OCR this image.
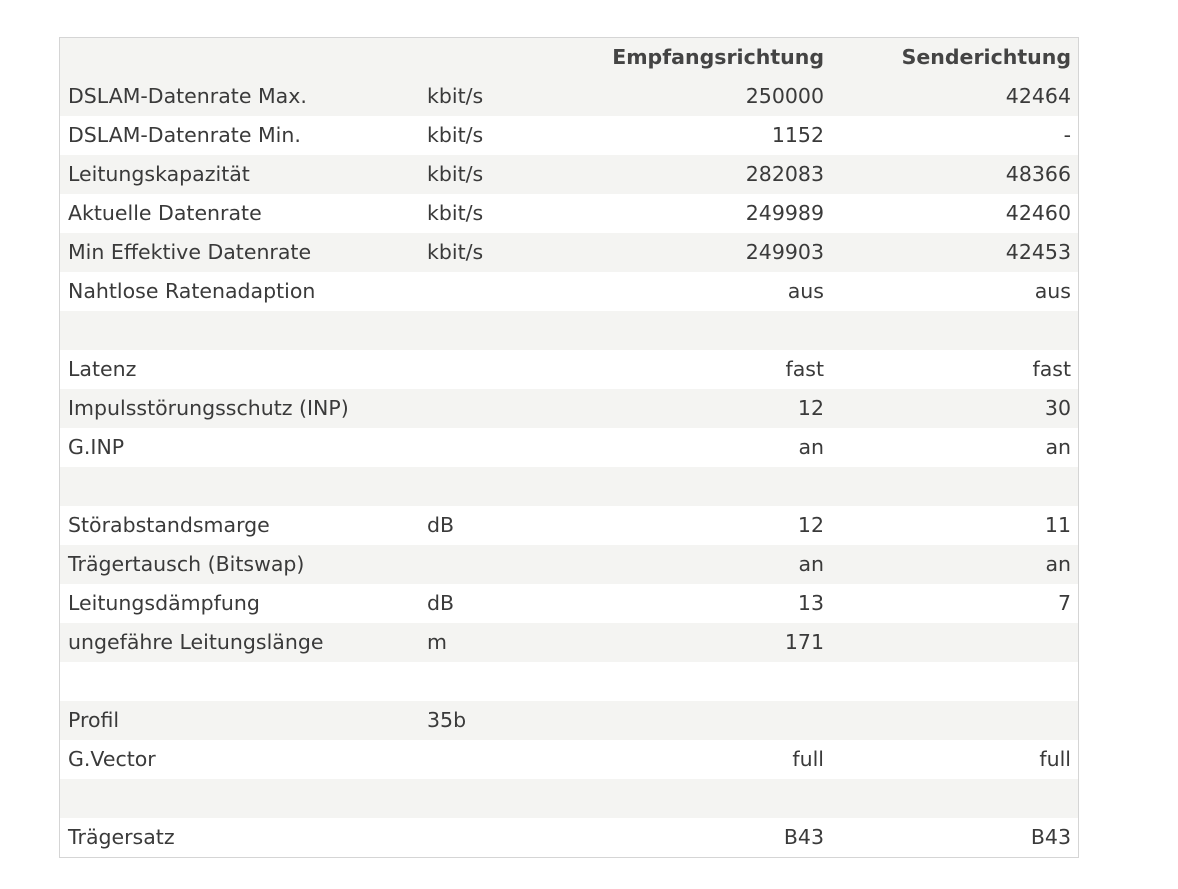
		Empfangsrichtung	Senderichtung
DSLAM-Datenrate Max.	kbit/s	250000	42464
DSLAM-Datenrate Min.	kbit/s	1152	-
Leitungskapazität	kbit/s	282083	48366
Aktuelle Datenrate	kbit/s	249989	42460
Min Effektive Datenrate	kbit/s	249903	42453
Nahtlose Ratenadaption		aus	aus

Latenz		fast	fast
Impulsstörungsschutz (INP)		12	30
G.INP		an	an

Störabstandsmarge	dB	12	11
Trägertausch (Bitswap)		an	an
Leitungsdämpfung	dB	13	7
ungefähre Leitungslänge	m	171	

Profil	35b		
G.Vector		full	full

Trägersatz		B43	B43
